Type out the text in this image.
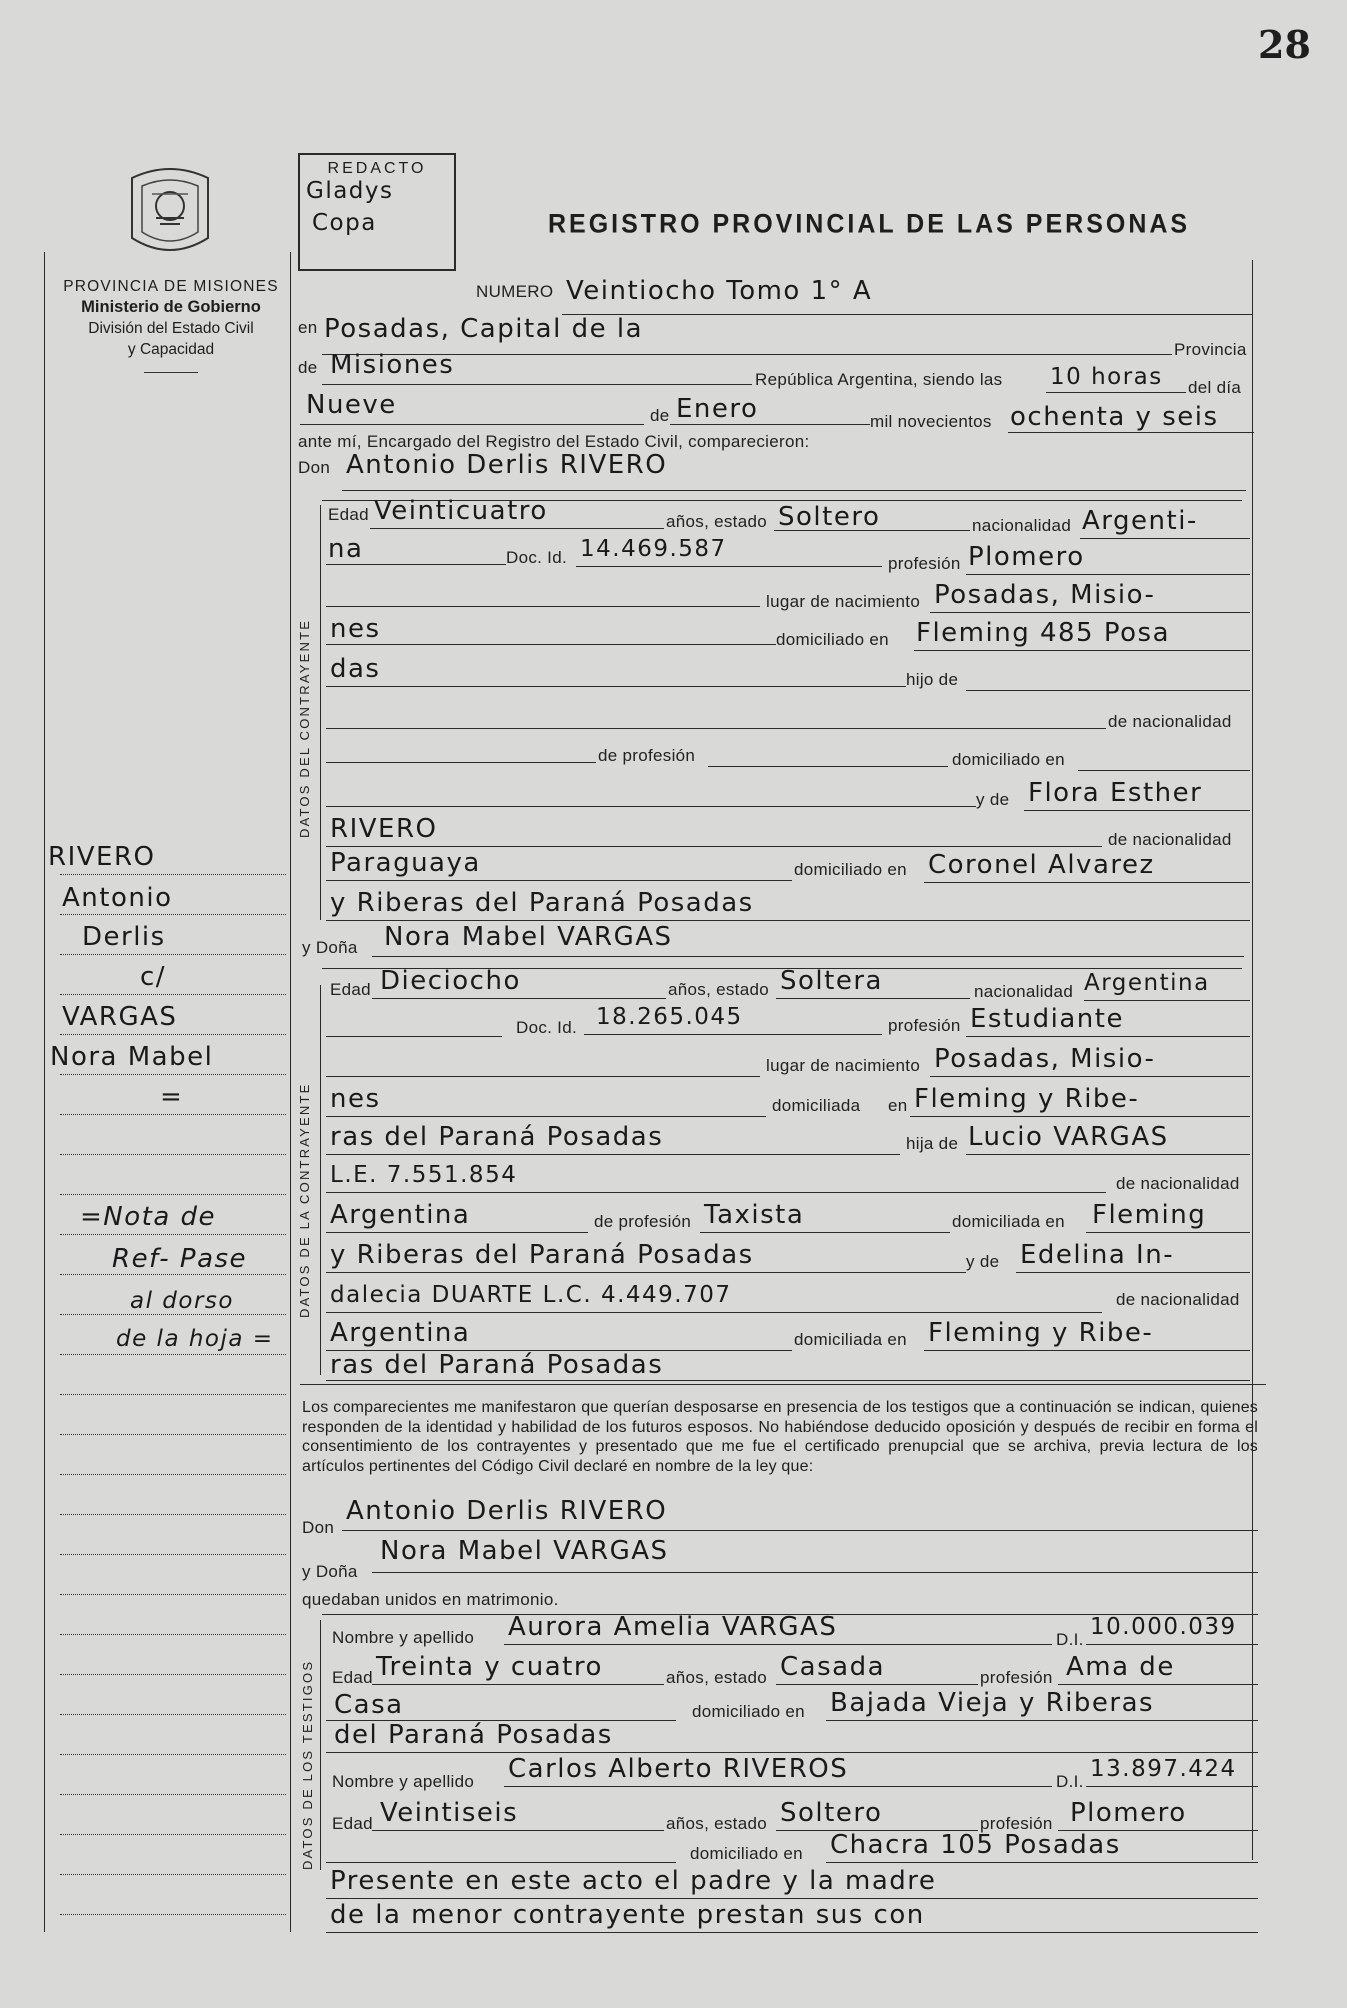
28
PROVINCIA DE MISIONES
Ministerio de Gobierno
División del Estado Civil
y Capacidad
REDACTO
Gladys
Copa	REGISTRO PROVINCIAL DE LAS PERSONAS
RIVERO
Antonio
Derlis
c/
VARGAS
Nora Mabel
=
=Nota de
Ref- Pase
al dorso
de la hoja =
DATOS DEL CONTRAYENTE
DATOS DE LA CONTRAYENTE
DATOS DE LOS TESTIGOS
NUMERO Veintiocho Tomo 1° A
en Posadas, Capital de la
Provincia
de Misiones	República Argentina, siendo las 10 horas del día
Nueve	de Enero	mil novecientos ochenta y seis
ante mí, Encargado del Registro del Estado Civil, comparecieron:
Don Antonio Derlis RIVERO
Edad Veinticuatro	años, estado Soltero	nacionalidad Argenti-
na	Doc. Id. 14.469.587
profesión Plomero
lugar de nacimiento Posadas, Misio-
nes	domiciliado en Fleming 485 Posa
das	hijo de
de nacionalidad
de profesión	domiciliado en
y de Flora Esther
RIVERO	de nacionalidad
Paraguaya	domiciliado en Coronel Alvarez
y Riberas del Paraná Posadas
y Doña Nora Mabel VARGAS
Edad Dieciocho	años, estado Soltera	nacionalidad Argentina
Doc. Id. 18.265.045	profesión Estudiante
lugar de nacimiento Posadas, Misio-
nes	domiciliada en Fleming y Ribe-
ras del Paraná Posadas	hija de Lucio VARGAS
L.E. 7.551.854	de nacionalidad
Argentina	de profesión Taxista	domiciliada en Fleming
y Riberas del Paraná Posadas	y de Edelina In-
dalecia DUARTE L.C. 4.449.707	de nacionalidad
Argentina	domiciliada en Fleming y Ribe-
ras del Paraná Posadas
Los comparecientes me manifestaron que querían desposarse en presencia de los testigos que a continuación se indican, quienes responden de la identidad y habilidad de los futuros esposos. No habiéndose deducido oposición y después de recibir en forma el consentimiento de los contrayentes y presentado que me fue el certificado prenupcial que se archiva, previa lectura de los artículos pertinentes del Código Civil declaré en nombre de la ley que:
Don
Antonio Derlis RIVERO
y Doña
Nora Mabel VARGAS
quedaban unidos en matrimonio.
Nombre y apellido Aurora Amelia VARGAS	D.I. 10.000.039
Edad Treinta y cuatro	años, estado Casada	profesión Ama de
Casa	domiciliado en Bajada Vieja y Riberas
del Paraná Posadas
Nombre y apellido Carlos Alberto RIVEROS	D.I. 13.897.424
Edad Veintiseis	años, estado Soltero	profesión Plomero
domiciliado en Chacra 105 Posadas
Presente en este acto el padre y la madre
de la menor contrayente prestan sus con
